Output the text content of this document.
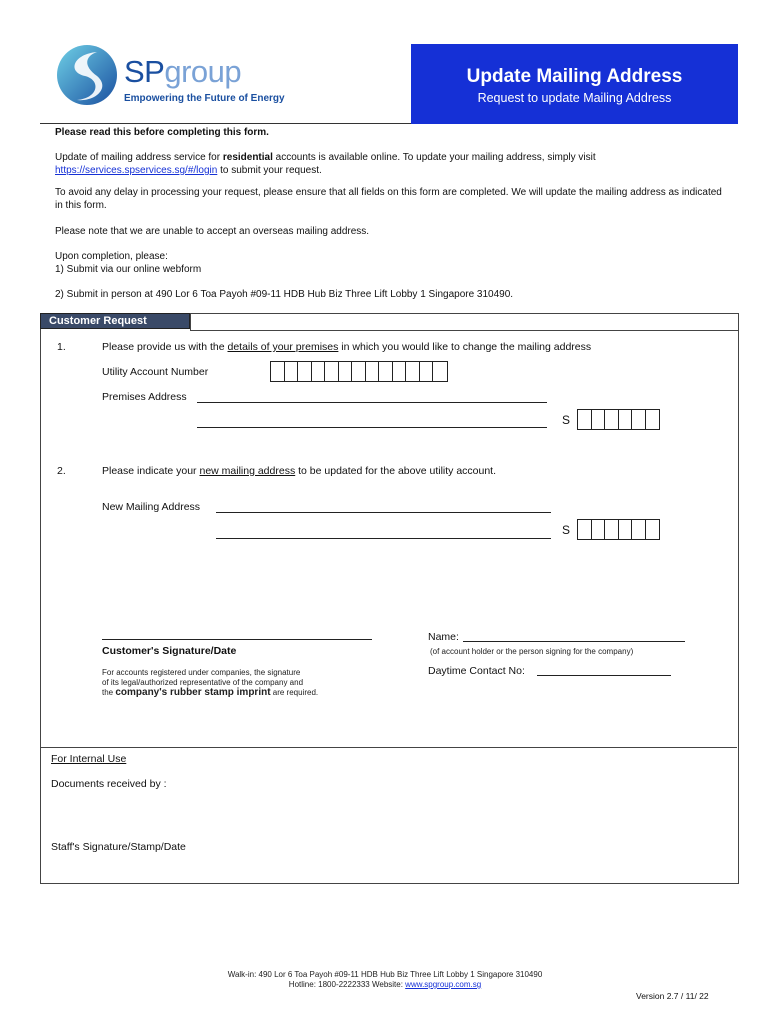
SPgroup
Empowering the Future of Energy
Update Mailing Address
Request to update Mailing Address
Please read this before completing this form.
Update of mailing address service for residential accounts is available online. To update your mailing address, simply visit
https://services.spservices.sg/#/login to submit your request.
To avoid any delay in processing your request, please ensure that all fields on this form are completed. We will update the mailing address as indicated in this form.
Please note that we are unable to accept an overseas mailing address.
Upon completion, please:
1) Submit via our online webform
2) Submit in person at 490 Lor 6 Toa Payoh #09-11 HDB Hub Biz Three Lift Lobby 1 Singapore 310490.
Customer Request
1.	Please provide us with the details of your premises in which you would like to change the mailing address
Utility Account Number
Premises Address
S
2.	Please indicate your new mailing address to be updated for the above utility account.
New Mailing Address
S
Customer's Signature/Date
Name:
(of account holder or the person signing for the company)
For accounts registered under companies, the signature
of its legal/authorized representative of the company and
the company's rubber stamp imprint are required.
Daytime Contact No:
For Internal Use
Documents received by :
Staff's Signature/Stamp/Date
Walk-in: 490 Lor 6 Toa Payoh #09-11 HDB Hub Biz Three Lift Lobby 1 Singapore 310490
Hotline: 1800-2222333 Website: www.spgroup.com.sg
Version 2.7 / 11/ 22
